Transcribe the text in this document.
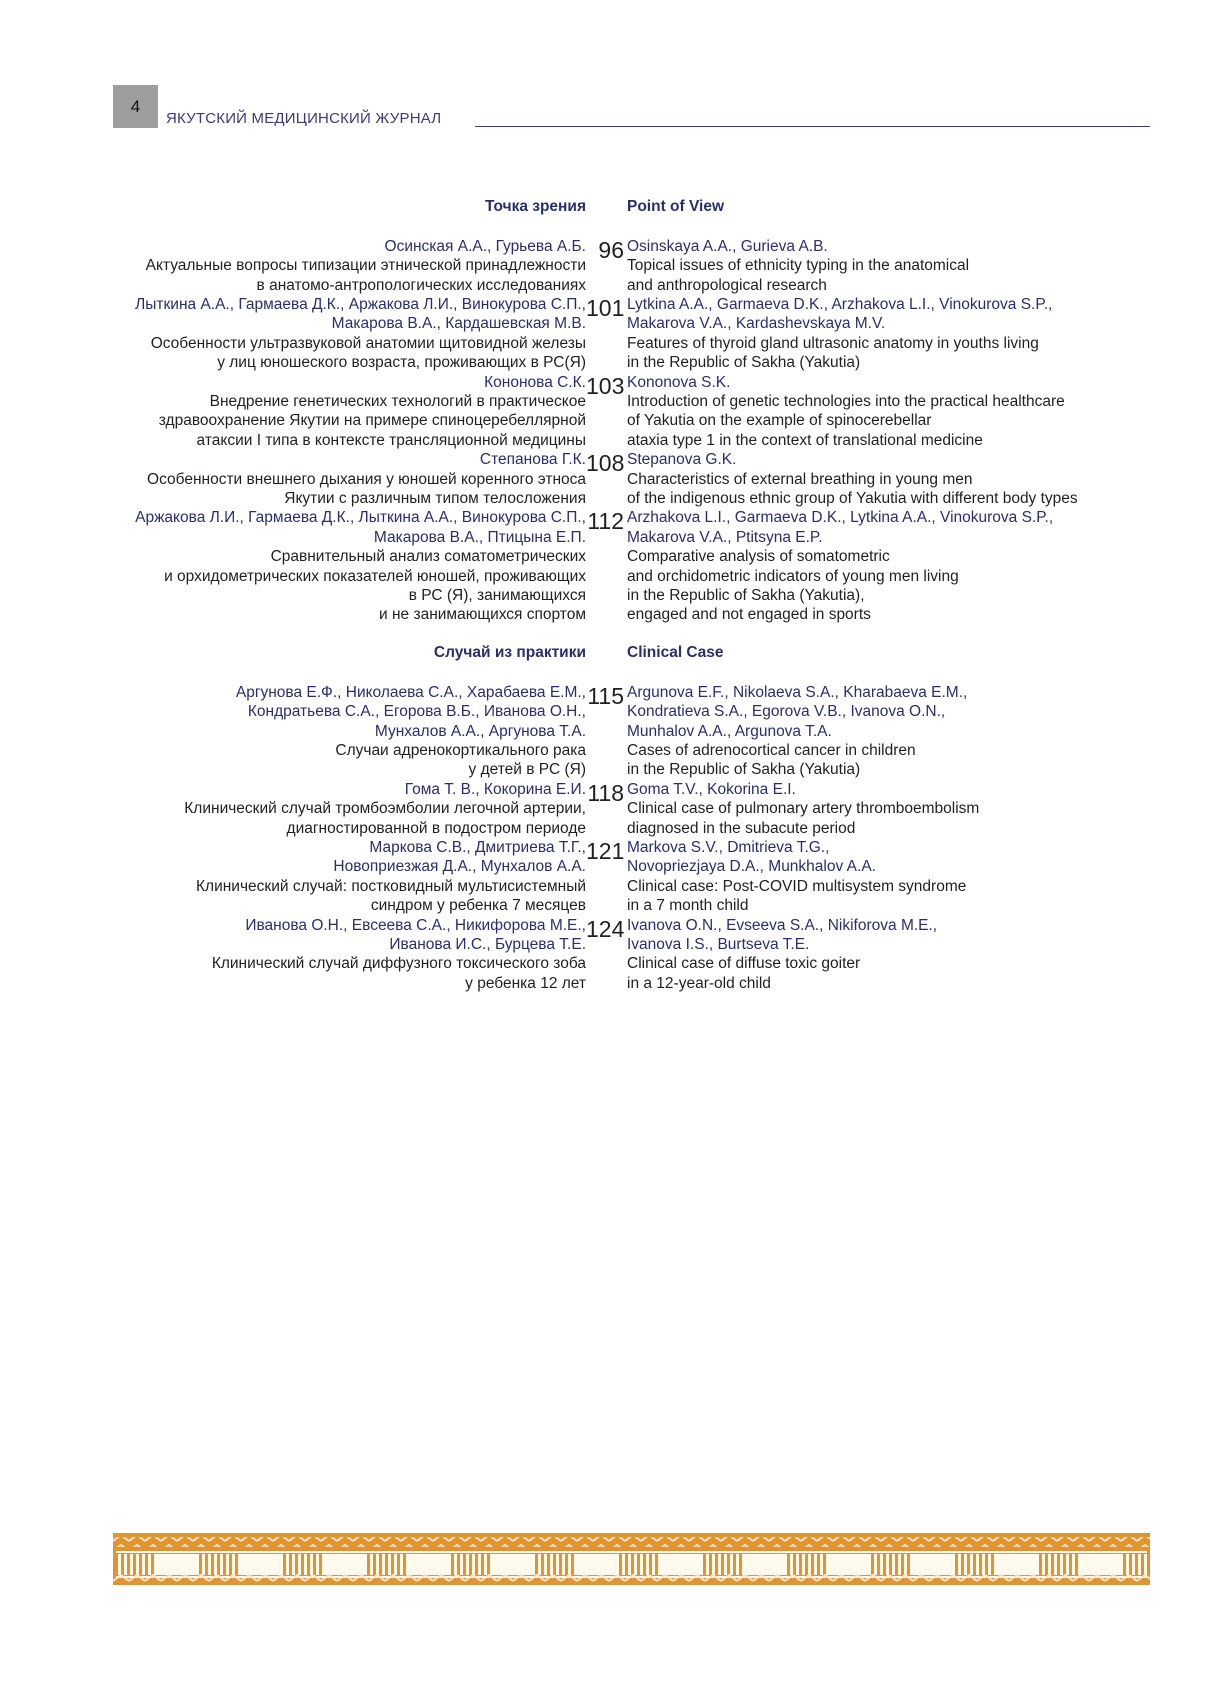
4
ЯКУТСКИЙ МЕДИЦИНСКИЙ ЖУРНАЛ
Точка зрения	Point of View
Осинская А.А., Гурьева А.Б.
Актуальные вопросы типизации этнической принадлежности
в анатомо-антропологических исследованиях
96 Osinskaya A.A., Gurieva A.B.
Topical issues of ethnicity typing in the anatomical
and anthropological research
Лыткина А.А., Гармаева Д.К., Аржакова Л.И., Винокурова С.П.,
Макарова В.А., Кардашевская М.В.
Особенности ультразвуковой анатомии щитовидной железы
у лиц юношеского возраста, проживающих в РС(Я)
101 Lytkina A.A., Garmaeva D.K., Arzhakova L.I., Vinokurova S.P.,
Makarova V.A., Kardashevskaya M.V.
Features of thyroid gland ultrasonic anatomy in youths living
in the Republic of Sakha (Yakutia)
Кононова С.К.
Внедрение генетических технологий в практическое
здравоохранение Якутии на примере спиноцеребеллярной
атаксии I типа в контексте трансляционной медицины
103 Kononova S.K.
Introduction of genetic technologies into the practical healthcare
of Yakutia on the example of spinocerebellar
ataxia type 1 in the context of translational medicine
Степанова Г.К.
Особенности внешнего дыхания у юношей коренного этноса
Якутии с различным типом телосложения
108 Stepanova G.K.
Characteristics of external breathing in young men
of the indigenous ethnic group of Yakutia with different body types
Аржакова Л.И., Гармаева Д.К., Лыткина А.А., Винокурова С.П.,
Макарова В.А., Птицына Е.П.
Сравнительный анализ соматометрических
и орхидометрических показателей юношей, проживающих
в РС (Я), занимающихся
и не занимающихся спортом
112 Arzhakova L.I., Garmaeva D.K., Lytkina A.A., Vinokurova S.P.,
Makarova V.A., Ptitsyna E.P.
Comparative analysis of somatometric
and orchidometric indicators of young men living
in the Republic of Sakha (Yakutia),
engaged and not engaged in sports
Случай из практики	Clinical Case
Аргунова Е.Ф., Николаева С.А., Харабаева Е.М.,
Кондратьева С.А., Егорова В.Б., Иванова О.Н.,
Мунхалов А.А., Аргунова Т.А.
Случаи адренокортикального рака
у детей в РС (Я)
115 Argunova E.F., Nikolaeva S.A., Kharabaeva E.M.,
Kondratieva S.A., Egorova V.B., Ivanova O.N.,
Munhalov A.A., Argunova T.A.
Cases of adrenocortical cancer in children
in the Republic of Sakha (Yakutia)
Гома Т. В., Кокорина Е.И.
Клинический случай тромбоэмболии легочной артерии,
диагностированной в подостром периоде
118 Goma T.V., Kokorina E.I.
Clinical case of pulmonary artery thromboembolism
diagnosed in the subacute period
Маркова С.В., Дмитриева Т.Г.,
Новоприезжая Д.А., Мунхалов А.А.
Клинический случай: постковидный мультисистемный
синдром у ребенка 7 месяцев
121 Markova S.V., Dmitrieva T.G.,
Novopriezjaya D.A., Munkhalov A.A.
Clinical case: Post-COVID multisystem syndrome
in a 7 month child
Иванова О.Н., Евсеева С.А., Никифорова М.Е.,
Иванова И.С., Бурцева Т.Е.
Клинический случай диффузного токсического зоба
у ребенка 12 лет
124 Ivanova O.N., Evseeva S.A., Nikiforova M.E.,
Ivanova I.S., Burtseva T.E.
Clinical case of diffuse toxic goiter
in a 12-year-old child
